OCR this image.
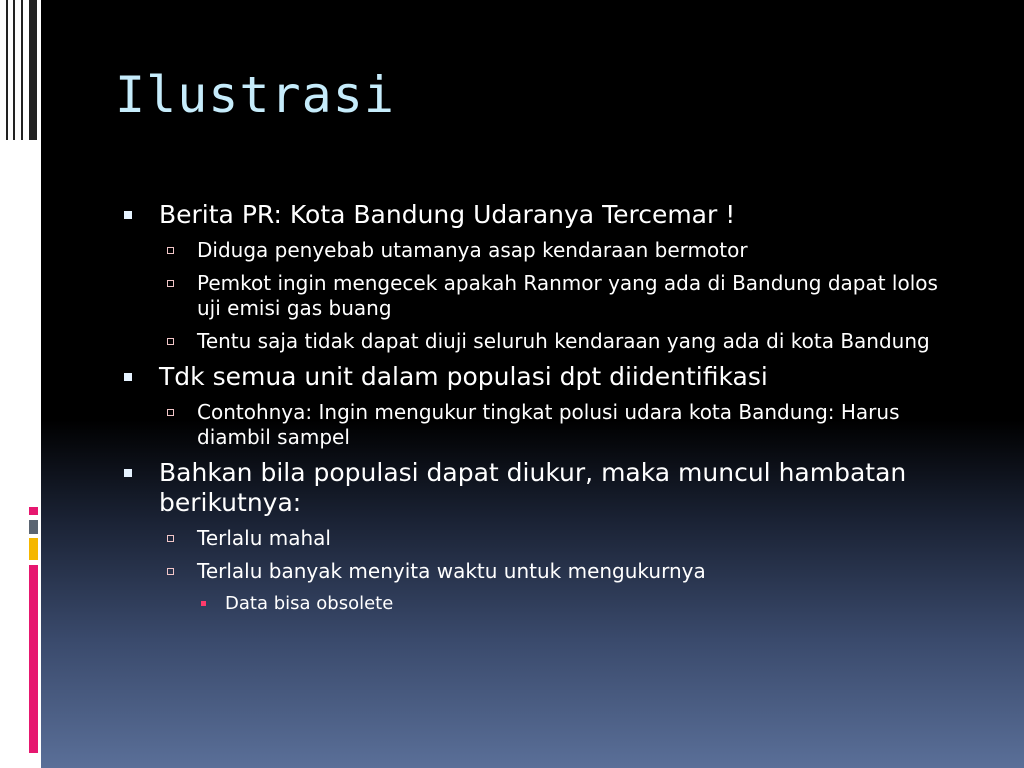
Ilustrasi
Berita PR: Kota Bandung Udaranya Tercemar !
Diduga penyebab utamanya asap kendaraan bermotor
Pemkot ingin mengecek apakah Ranmor yang ada di Bandung dapat lolos uji emisi gas buang
Tentu saja tidak dapat diuji seluruh kendaraan yang ada di kota Bandung
Tdk semua unit dalam populasi dpt diidentifikasi
Contohnya: Ingin mengukur tingkat polusi udara kota Bandung: Harus diambil sampel
Bahkan bila populasi dapat diukur, maka muncul hambatan berikutnya:
Terlalu mahal
Terlalu banyak menyita waktu untuk mengukurnya
Data bisa obsolete
